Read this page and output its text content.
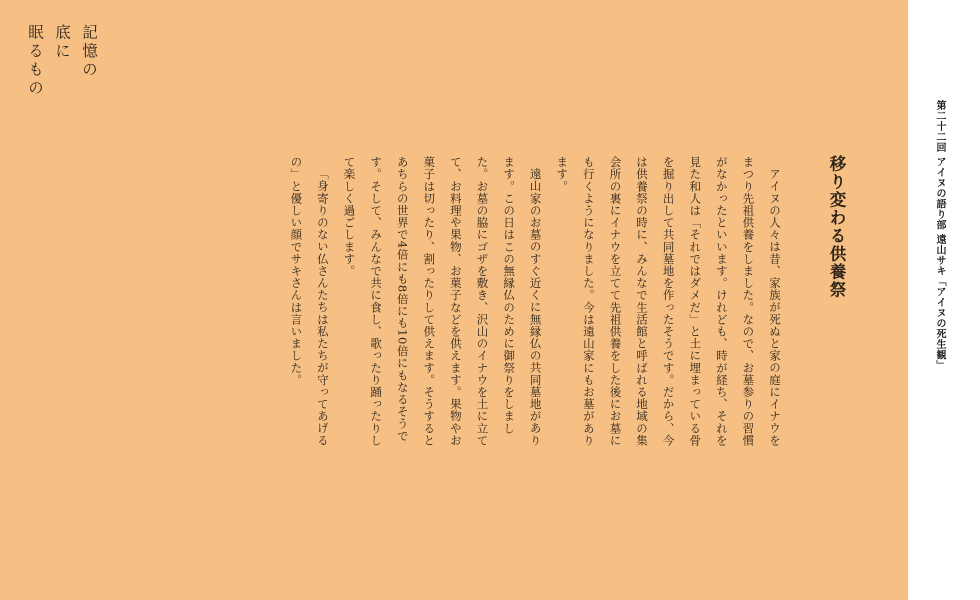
記憶の
底に
眠るもの
移り変わる供養祭

アイヌの人々は昔、家族が死ぬと家の庭にイナウをまつり先祖供養をしました。なので、お墓参りの習慣がなかったといいます。けれども、時が経ち、それを見た和人は「それではダメだ」と土に埋まっている骨を掘り出して共同墓地を作ったそうです。だから、今は供養祭の時に、みんなで生活館と呼ばれる地域の集会所の裏にイナウを立てて先祖供養をした後にお墓にも行くようになりました。今は遠山家にもお墓があります。

遠山家のお墓のすぐ近くに無縁仏の共同墓地があります。この日はこの無縁仏のために御祭りをしました。お墓の脇にゴザを敷き、沢山のイナウを土に立てて、お料理や果物、お菓子などを供えます。果物やお菓子は切ったり、割ったりして供えます。そうするとあちらの世界で4倍にも8倍にも10倍にもなるそうです。そして、みんなで共に食し、歌ったり踊ったりして楽しく過ごします。

「身寄りのない仏さんたちは私たちが守ってあげるの」と優しい顔でサキさんは言いました。	第二十二回 アイヌの語り部 遠山サキ「アイヌの死生観」
